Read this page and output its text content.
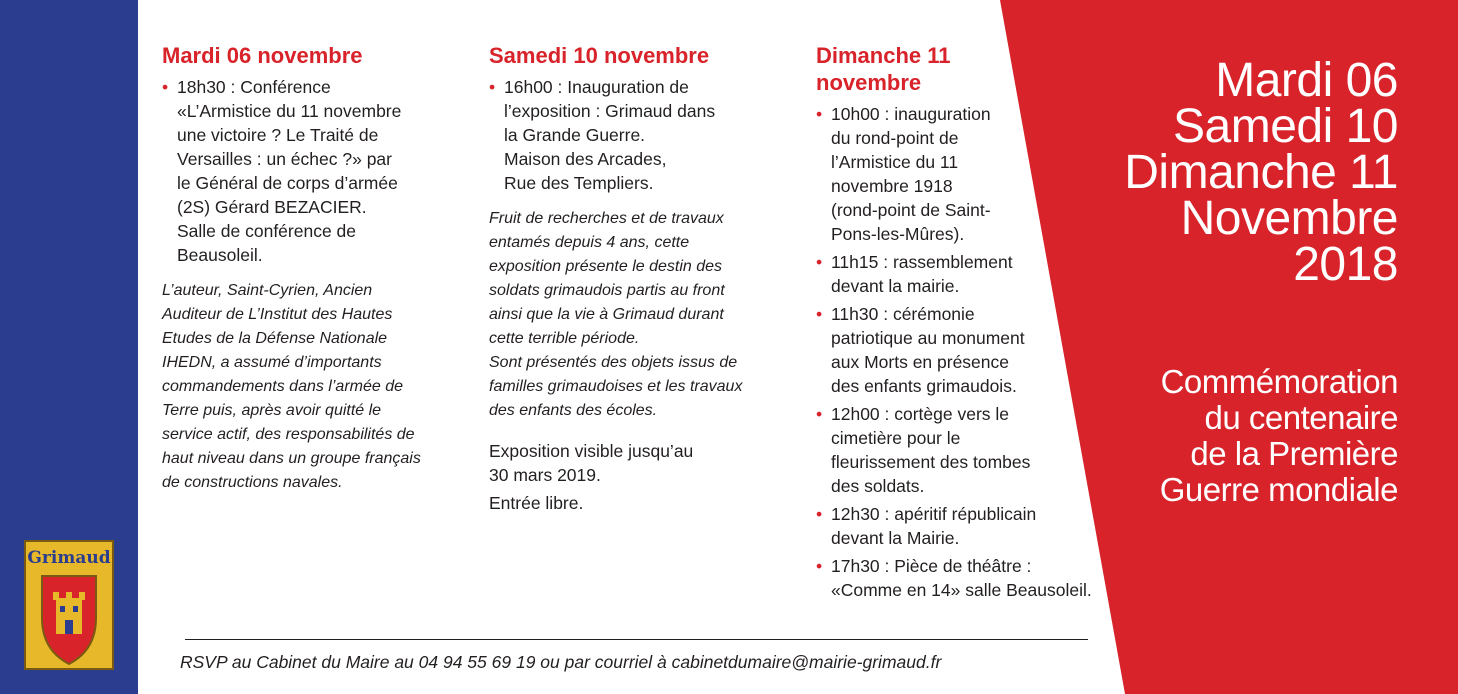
Mardi 06 novembre
• 18h30 : Conférence
«L’Armistice du 11 novembre
une victoire ? Le Traité de
Versailles : un échec ?» par
le Général de corps d’armée
(2S) Gérard BEZACIER.
Salle de conférence de
Beausoleil.
L’auteur, Saint-Cyrien, Ancien
Auditeur de L’Institut des Hautes
Etudes de la Défense Nationale
IHEDN, a assumé d’importants
commandements dans l’armée de
Terre puis, après avoir quitté le
service actif, des responsabilités de
haut niveau dans un groupe français
de constructions navales.
Samedi 10 novembre
• 16h00 : Inauguration de
l’exposition : Grimaud dans
la Grande Guerre.
Maison des Arcades,
Rue des Templiers.
Fruit de recherches et de travaux
entamés depuis 4 ans, cette
exposition présente le destin des
soldats grimaudois partis au front
ainsi que la vie à Grimaud durant
cette terrible période.
Sont présentés des objets issus de
familles grimaudoises et les travaux
des enfants des écoles.
Exposition visible jusqu’au
30 mars 2019.
Entrée libre.
Dimanche 11
novembre
• 10h00 : inauguration
du rond-point de
l’Armistice du 11
novembre 1918
(rond-point de Saint-
Pons-les-Mûres).
• 11h15 : rassemblement
devant la mairie.
• 11h30 : cérémonie
patriotique au monument
aux Morts en présence
des enfants grimaudois.
• 12h00 : cortège vers le
cimetière pour le
fleurissement des tombes
des soldats.
• 12h30 : apéritif républicain
devant la Mairie.
• 17h30 : Pièce de théâtre :
«Comme en 14» salle Beausoleil.
Mardi 06
Samedi 10
Dimanche 11
Novembre
2018
Commémoration
du centenaire
de la Première
Guerre mondiale
RSVP au Cabinet du Maire au 04 94 55 69 19 ou par courriel à cabinetdumaire@mairie-grimaud.fr
Grimaud
